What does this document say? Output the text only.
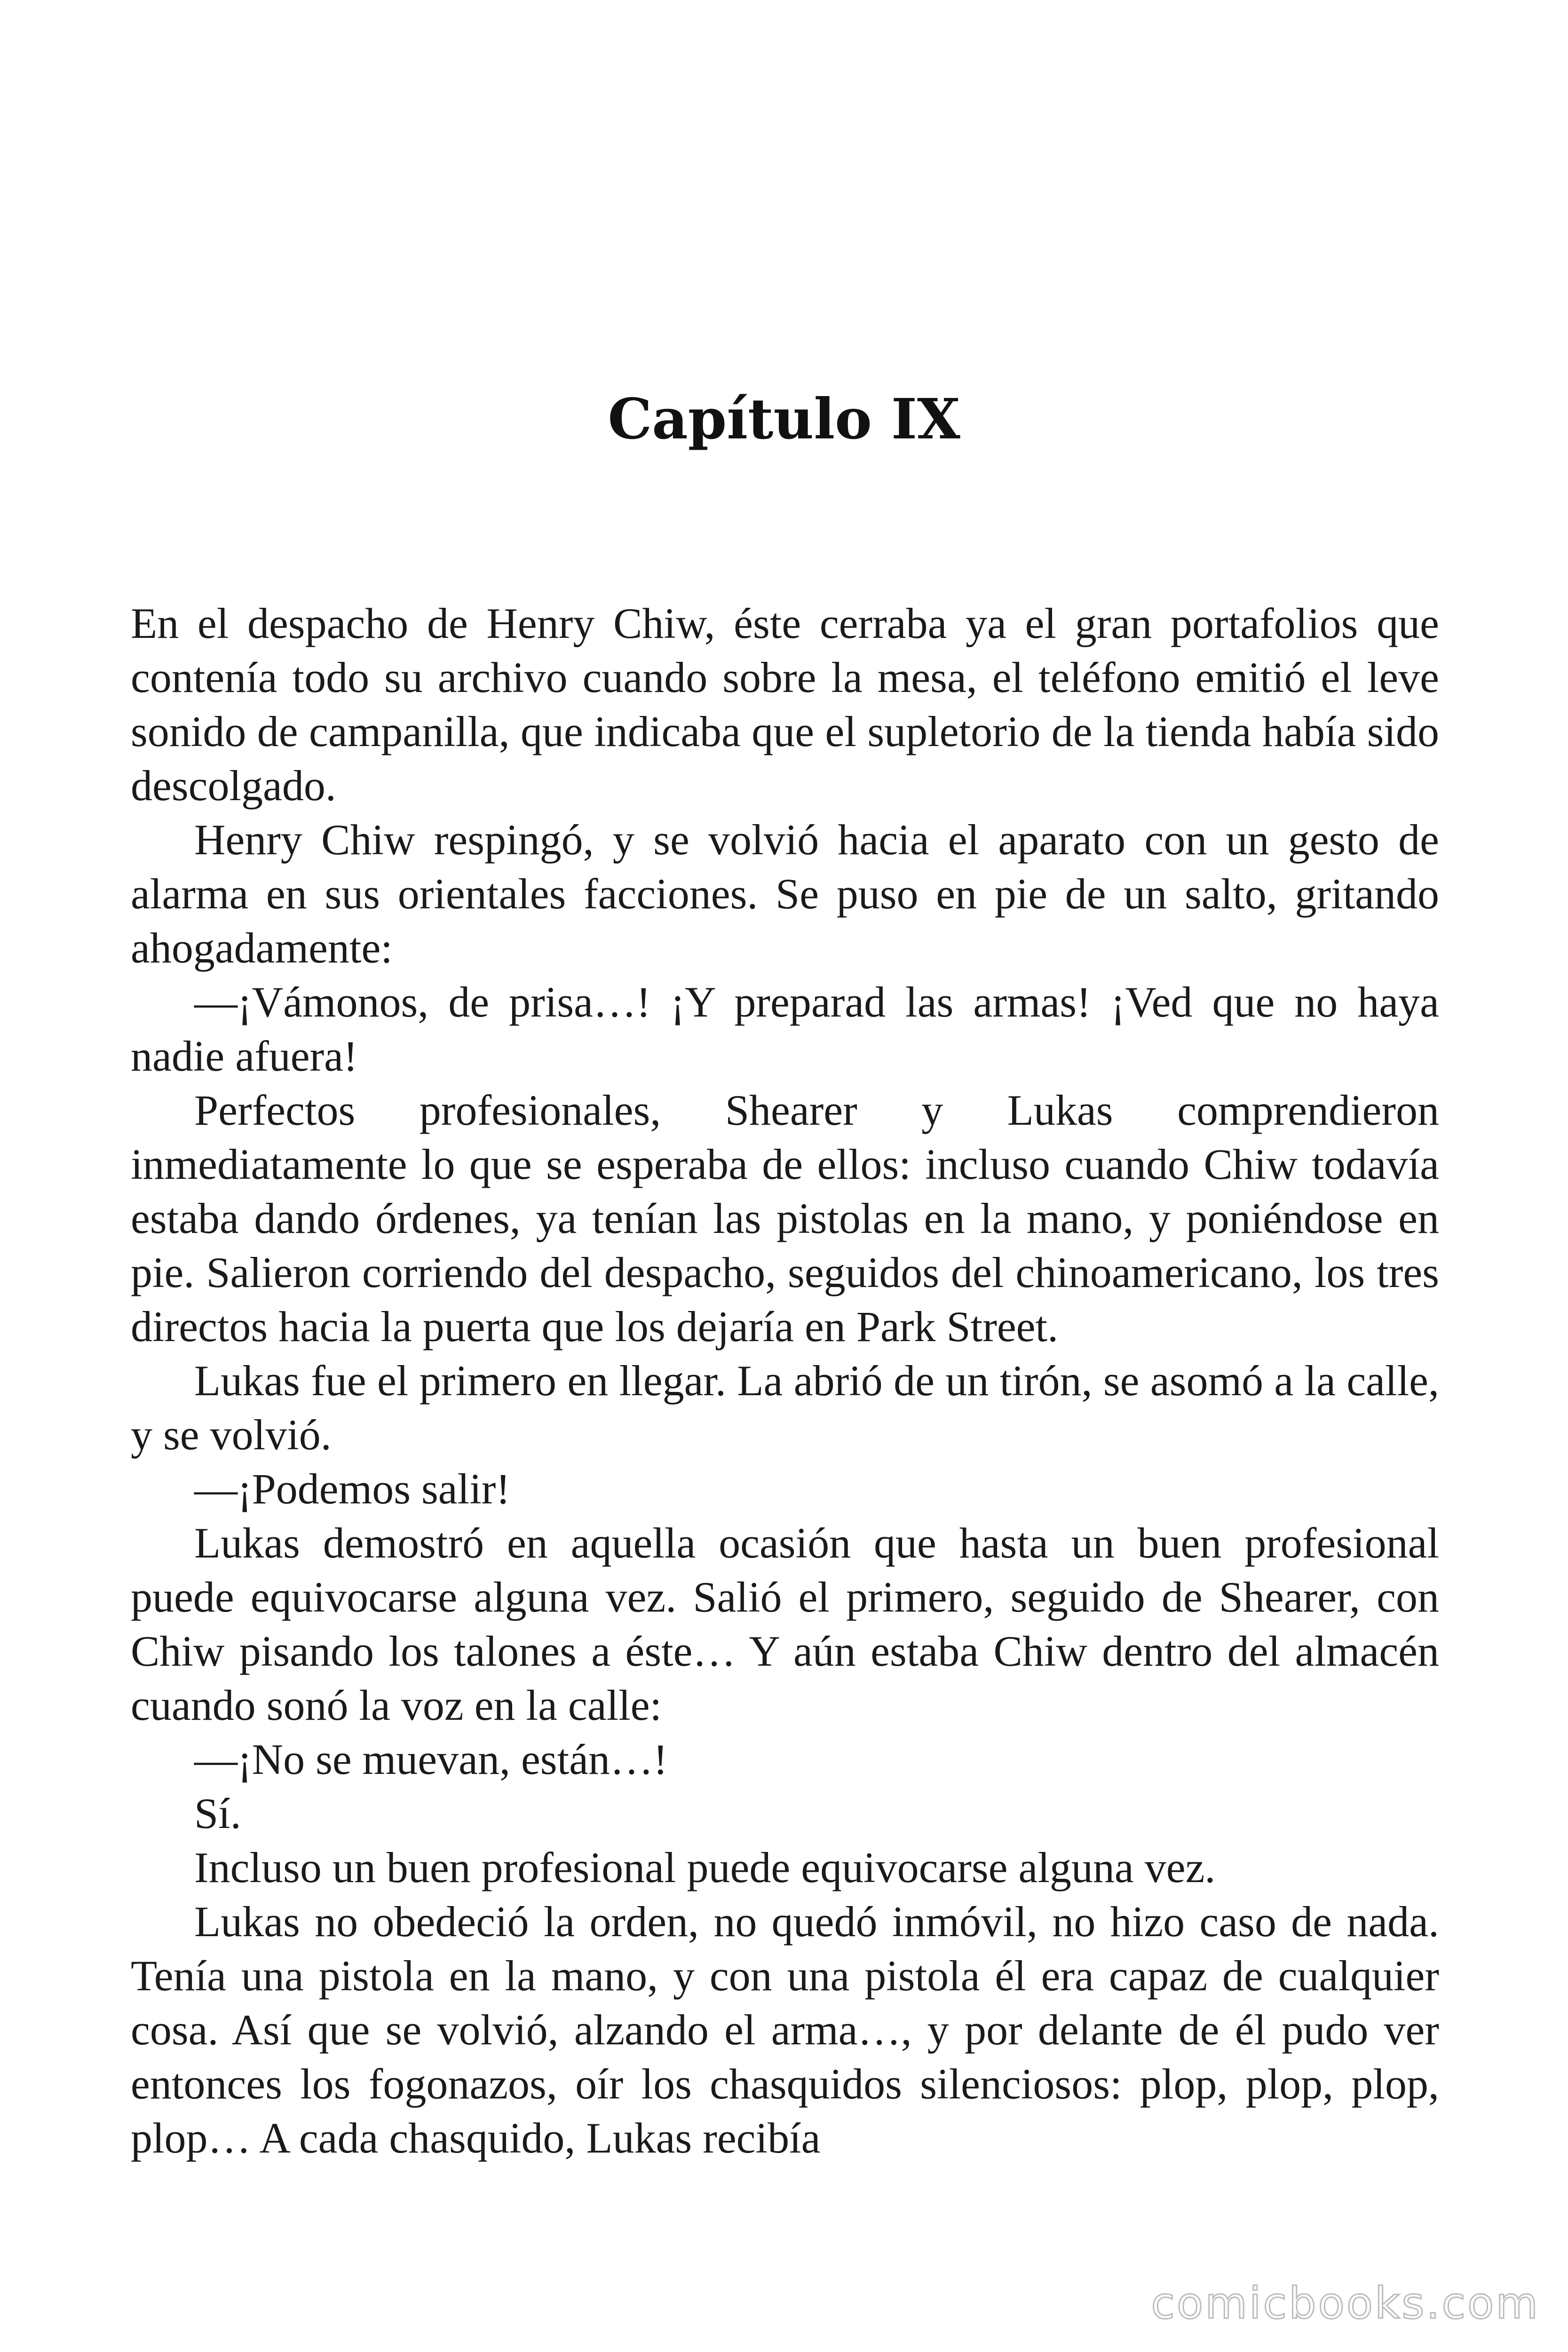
Capítulo IX

En el despacho de Henry Chiw, éste cerraba ya el gran portafolios que contenía todo su archivo cuando sobre la mesa, el teléfono emitió el leve sonido de campanilla, que indicaba que el supletorio de la tienda había sido descolgado.

Henry Chiw respingó, y se volvió hacia el aparato con un gesto de alarma en sus orientales facciones. Se puso en pie de un salto, gritando ahogadamente:

—¡Vámonos, de prisa…! ¡Y preparad las armas! ¡Ved que no haya nadie afuera!

Perfectos profesionales, Shearer y Lukas comprendieron inmediatamente lo que se esperaba de ellos: incluso cuando Chiw todavía estaba dando órdenes, ya tenían las pistolas en la mano, y poniéndose en pie. Salieron corriendo del despacho, seguidos del chinoamericano, los tres directos hacia la puerta que los dejaría en Park Street.

Lukas fue el primero en llegar. La abrió de un tirón, se asomó a la calle, y se volvió.

—¡Podemos salir!

Lukas demostró en aquella ocasión que hasta un buen profesional puede equivocarse alguna vez. Salió el primero, seguido de Shearer, con Chiw pisando los talones a éste… Y aún estaba Chiw dentro del almacén cuando sonó la voz en la calle:

—¡No se muevan, están…!

Sí.

Incluso un buen profesional puede equivocarse alguna vez.

Lukas no obedeció la orden, no quedó inmóvil, no hizo caso de nada. Tenía una pistola en la mano, y con una pistola él era capaz de cualquier cosa. Así que se volvió, alzando el arma…, y por delante de él pudo ver entonces los fogonazos, oír los chasquidos silenciosos: plop, plop, plop, plop… A cada chasquido, Lukas recibía

comicbooks.com
